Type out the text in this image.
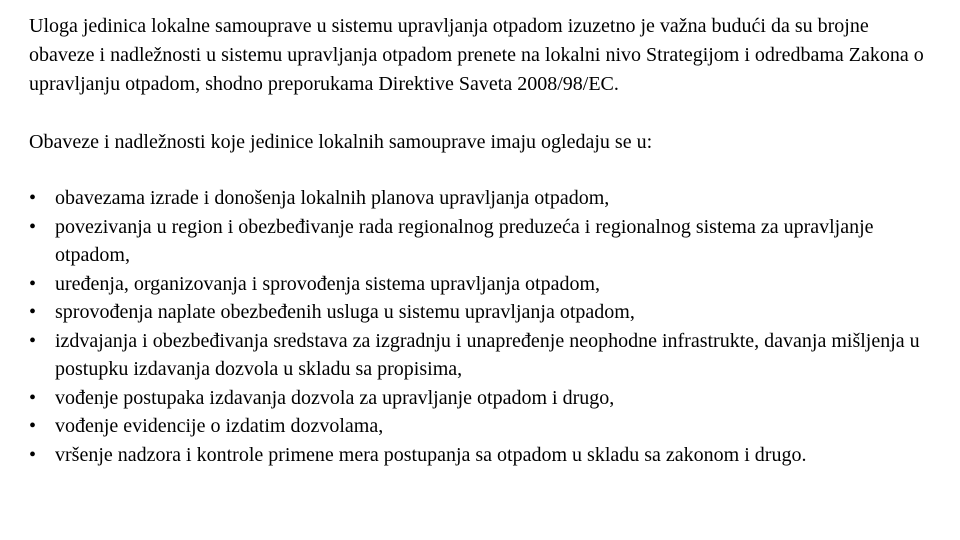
Uloga jedinica lokalne samouprave u sistemu upravljanja otpadom izuzetno je važna budući da su brojne obaveze i nadležnosti u sistemu upravljanja otpadom prenete na lokalni nivo Strategijom i odredbama Zakona o upravljanju otpadom, shodno preporukama Direktive Saveta 2008/98/EC.

Obaveze i nadležnosti koje jedinice lokalnih samouprave imaju ogledaju se u:

• obavezama izrade i donošenja lokalnih planova upravljanja otpadom,
• povezivanja u region i obezbeđivanje rada regionalnog preduzeća i regionalnog sistema za upravljanje otpadom,
• uređenja, organizovanja i sprovođenja sistema upravljanja otpadom,
• sprovođenja naplate obezbeđenih usluga u sistemu upravljanja otpadom,
• izdvajanja i obezbeđivanja sredstava za izgradnju i unapređenje neophodne infrastrukte, davanja mišljenja u postupku izdavanja dozvola u skladu sa propisima,
• vođenje postupaka izdavanja dozvola za upravljanje otpadom i drugo,
• vođenje evidencije o izdatim dozvolama,
• vršenje nadzora i kontrole primene mera postupanja sa otpadom u skladu sa zakonom i drugo.
